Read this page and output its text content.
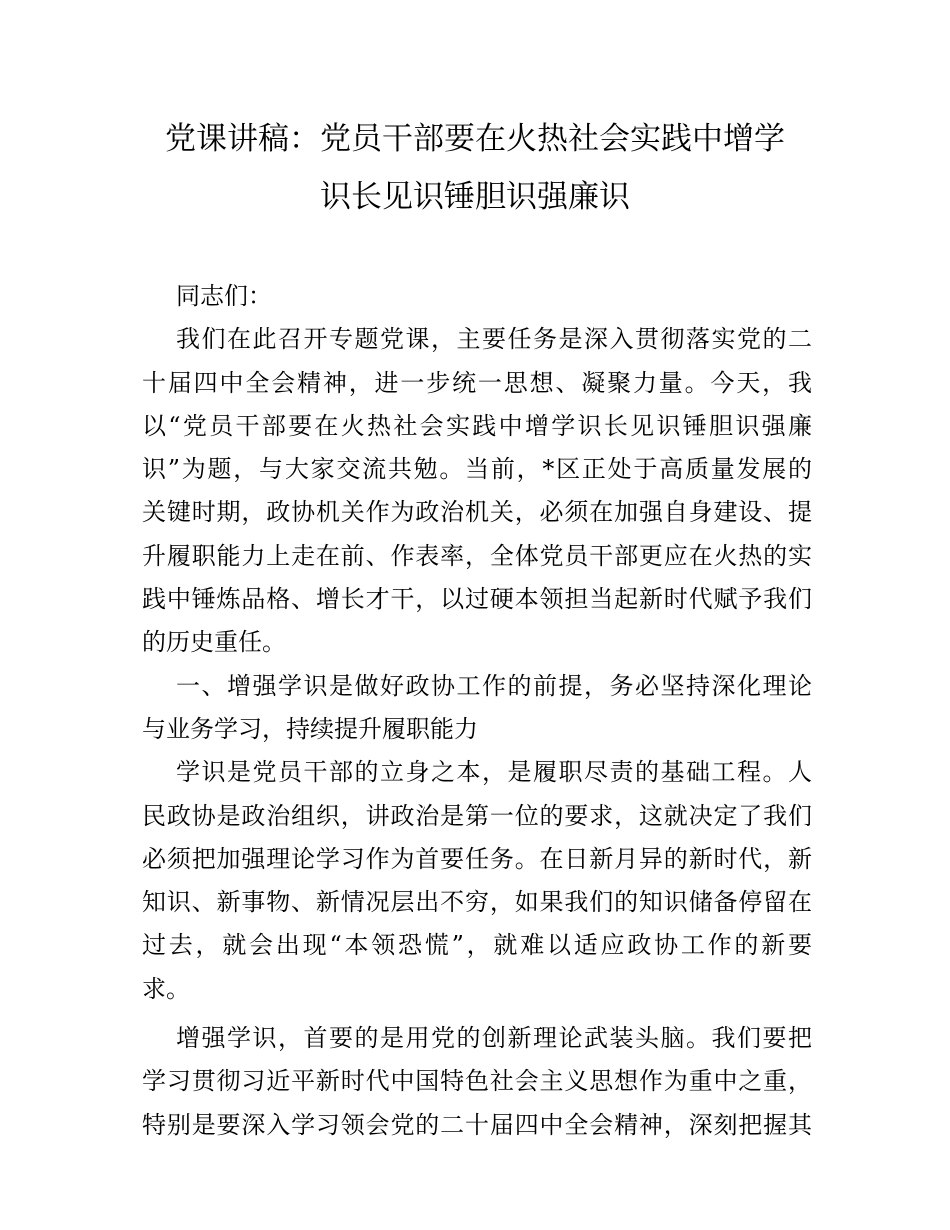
党课讲稿：党员干部要在火热社会实践中增学
识长见识锤胆识强廉识
同志们：
我们在此召开专题党课，主要任务是深入贯彻落实党的二
十届四中全会精神，进一步统一思想、凝聚力量。今天，我
以“党员干部要在火热社会实践中增学识长见识锤胆识强廉
识”为题，与大家交流共勉。当前，*区正处于高质量发展的
关键时期，政协机关作为政治机关，必须在加强自身建设、提
升履职能力上走在前、作表率，全体党员干部更应在火热的实
践中锤炼品格、增长才干，以过硬本领担当起新时代赋予我们
的历史重任。
一、增强学识是做好政协工作的前提，务必坚持深化理论
与业务学习，持续提升履职能力
学识是党员干部的立身之本，是履职尽责的基础工程。人
民政协是政治组织，讲政治是第一位的要求，这就决定了我们
必须把加强理论学习作为首要任务。在日新月异的新时代，新
知识、新事物、新情况层出不穷，如果我们的知识储备停留在
过去，就会出现“本领恐慌”，就难以适应政协工作的新要
求。
增强学识，首要的是用党的创新理论武装头脑。我们要把
学习贯彻习近平新时代中国特色社会主义思想作为重中之重，
特别是要深入学习领会党的二十届四中全会精神，深刻把握其
